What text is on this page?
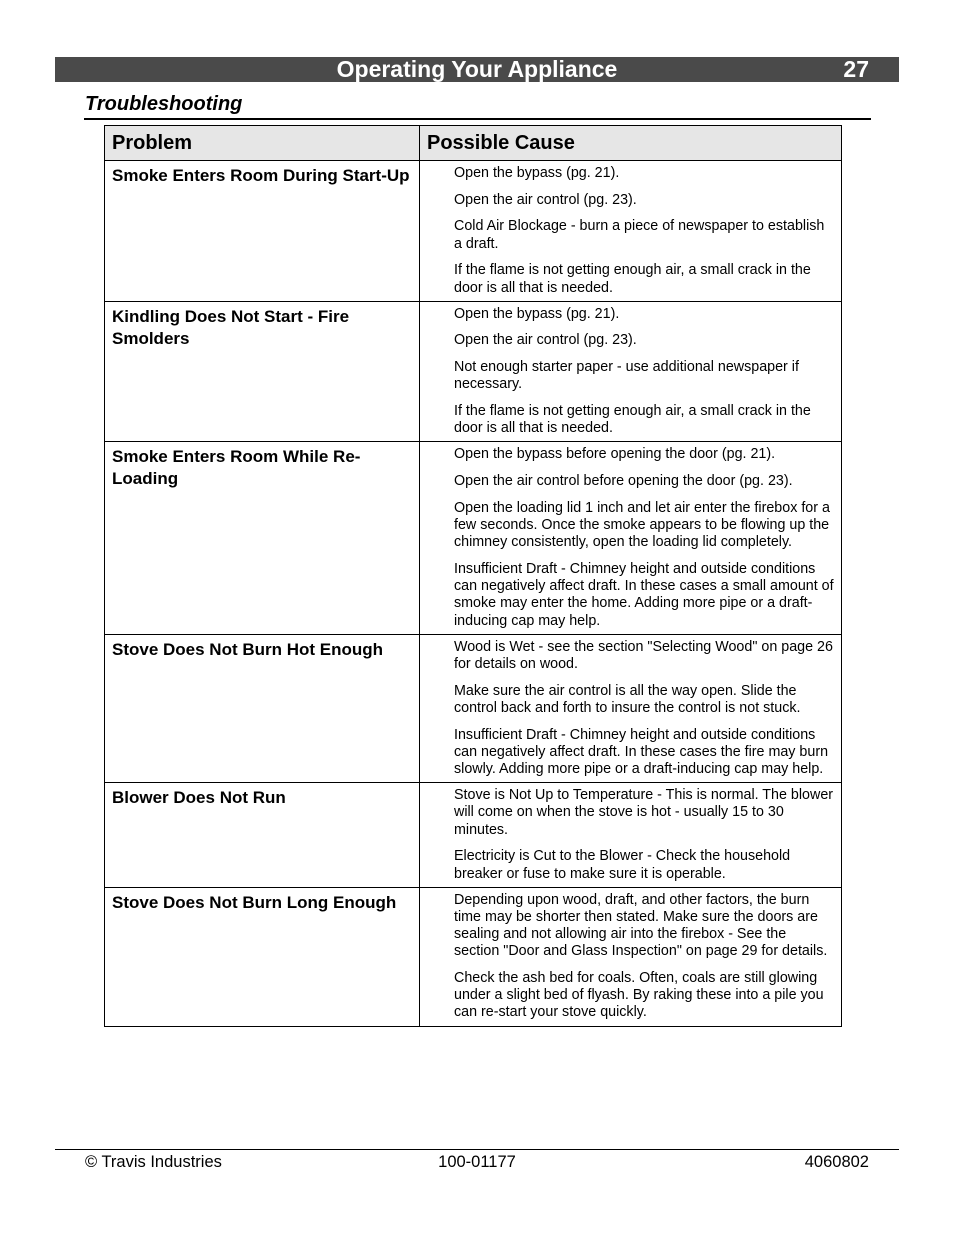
Operating Your Appliance	27
Troubleshooting
Problem	Possible Cause
Smoke Enters Room During Start-Up	Open the bypass (pg. 21).

Open the air control (pg. 23).

Cold Air Blockage - burn a piece of newspaper to establish a draft.

If the flame is not getting enough air, a small crack in the door is all that is needed.

Kindling Does Not Start - Fire Smolders	Open the bypass (pg. 21).

Open the air control (pg. 23).

Not enough starter paper - use additional newspaper if necessary.

If the flame is not getting enough air, a small crack in the door is all that is needed.

Smoke Enters Room While Re-Loading	Open the bypass before opening the door (pg. 21).

Open the air control before opening the door (pg. 23).

Open the loading lid 1 inch and let air enter the firebox for a few seconds. Once the smoke appears to be flowing up the chimney consistently, open the loading lid completely.

Insufficient Draft - Chimney height and outside conditions can negatively affect draft. In these cases a small amount of smoke may enter the home. Adding more pipe or a draft-inducing cap may help.

Stove Does Not Burn Hot Enough	Wood is Wet - see the section "Selecting Wood" on page 26 for details on wood.

Make sure the air control is all the way open. Slide the control back and forth to insure the control is not stuck.

Insufficient Draft - Chimney height and outside conditions can negatively affect draft. In these cases the fire may burn slowly. Adding more pipe or a draft-inducing cap may help.

Blower Does Not Run	Stove is Not Up to Temperature - This is normal. The blower will come on when the stove is hot - usually 15 to 30 minutes.

Electricity is Cut to the Blower - Check the household breaker or fuse to make sure it is operable.

Stove Does Not Burn Long Enough	Depending upon wood, draft, and other factors, the burn time may be shorter then stated. Make sure the doors are sealing and not allowing air into the firebox - See the section "Door and Glass Inspection" on page 29 for details.

Check the ash bed for coals. Often, coals are still glowing under a slight bed of flyash. By raking these into a pile you can re-start your stove quickly.

© Travis Industries	100-01177	4060802
